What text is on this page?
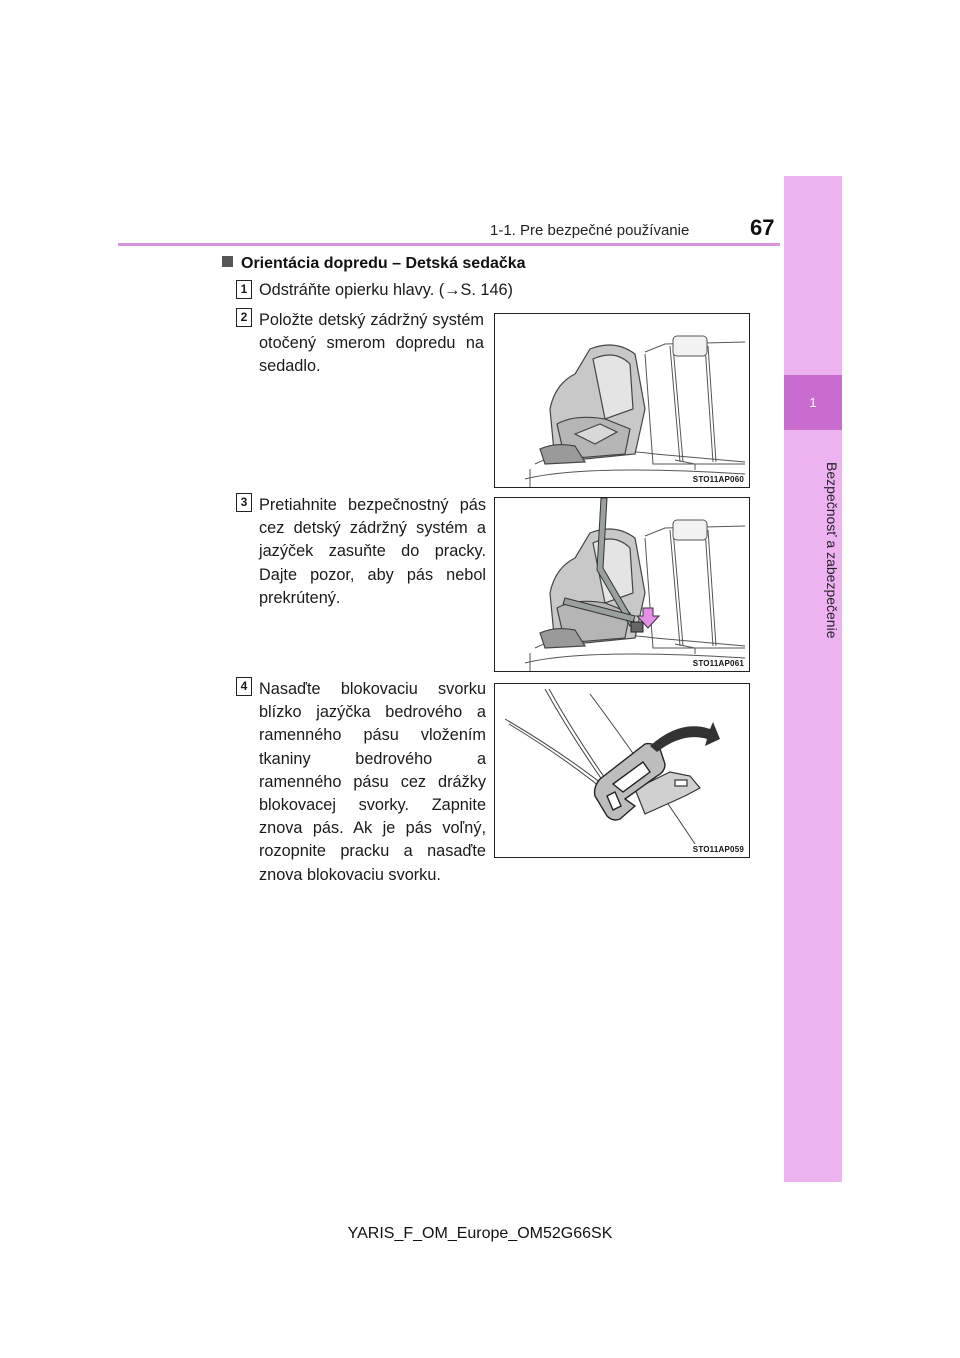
1
Bezpečnosť a zabezpečenie
1-1. Pre bezpečné používanie	67
Orientácia dopredu – Detská sedačka
1 Odstráňte opierku hlavy. (→S. 146)
2 Položte detský zádržný systém otočený smerom dopredu na sedadlo.
3 Pretiahnite bezpečnostný pás cez detský zádržný systém a jazýček zasuňte do pracky. Dajte pozor, aby pás nebol prekrútený.
4 Nasaďte blokovaciu svorku blízko jazýčka bedrového a ramenného pásu vložením tkaniny bedrového a ramenného pásu cez drážky blokovacej svorky. Zapnite znova pás. Ak je pás voľný, rozopnite pracku a nasaďte znova blokovaciu svorku.
STO11AP060
STO11AP061
STO11AP059
YARIS_F_OM_Europe_OM52G66SK
